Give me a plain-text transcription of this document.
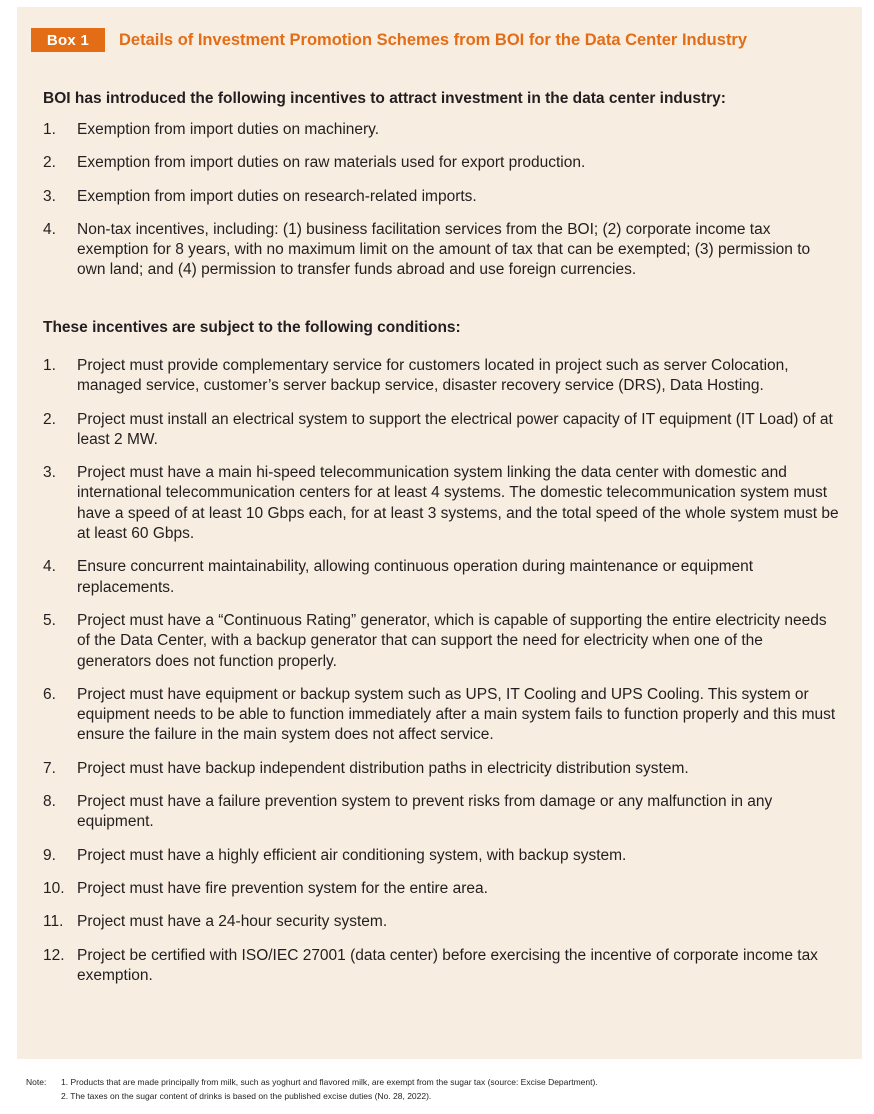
Box 1	Details of Investment Promotion Schemes from BOI for the Data Center Industry
BOI has introduced the following incentives to attract investment in the data center industry:
1. Exemption from import duties on machinery.
2. Exemption from import duties on raw materials used for export production.
3. Exemption from import duties on research-related imports.
4. Non-tax incentives, including: (1) business facilitation services from the BOI; (2) corporate income tax exemption for 8 years, with no maximum limit on the amount of tax that can be exempted; (3) permission to own land; and (4) permission to transfer funds abroad and use foreign currencies.
These incentives are subject to the following conditions:
1. Project must provide complementary service for customers located in project such as server Colocation, managed service, customer’s server backup service, disaster recovery service (DRS), Data Hosting.
2. Project must install an electrical system to support the electrical power capacity of IT equipment (IT Load) of at least 2 MW.
3. Project must have a main hi-speed telecommunication system linking the data center with domestic and international telecommunication centers for at least 4 systems. The domestic telecommunication system must have a speed of at least 10 Gbps each, for at least 3 systems, and the total speed of the whole system must be at least 60 Gbps.
4. Ensure concurrent maintainability, allowing continuous operation during maintenance or equipment replacements.
5. Project must have a “Continuous Rating” generator, which is capable of supporting the entire electricity needs of the Data Center, with a backup generator that can support the need for electricity when one of the generators does not function properly.
6. Project must have equipment or backup system such as UPS, IT Cooling and UPS Cooling. This system or equipment needs to be able to function immediately after a main system fails to function properly and this must ensure the failure in the main system does not affect service.
7. Project must have backup independent distribution paths in electricity distribution system.
8. Project must have a failure prevention system to prevent risks from damage or any malfunction in any equipment.
9. Project must have a highly efficient air conditioning system, with backup system.
10. Project must have fire prevention system for the entire area.
11. Project must have a 24-hour security system.
12. Project be certified with ISO/IEC 27001 (data center) before exercising the incentive of corporate income tax exemption.
Note: 1. Products that are made principally from milk, such as yoghurt and flavored milk, are exempt from the sugar tax (source: Excise Department).
2. The taxes on the sugar content of drinks is based on the published excise duties (No. 28, 2022).
